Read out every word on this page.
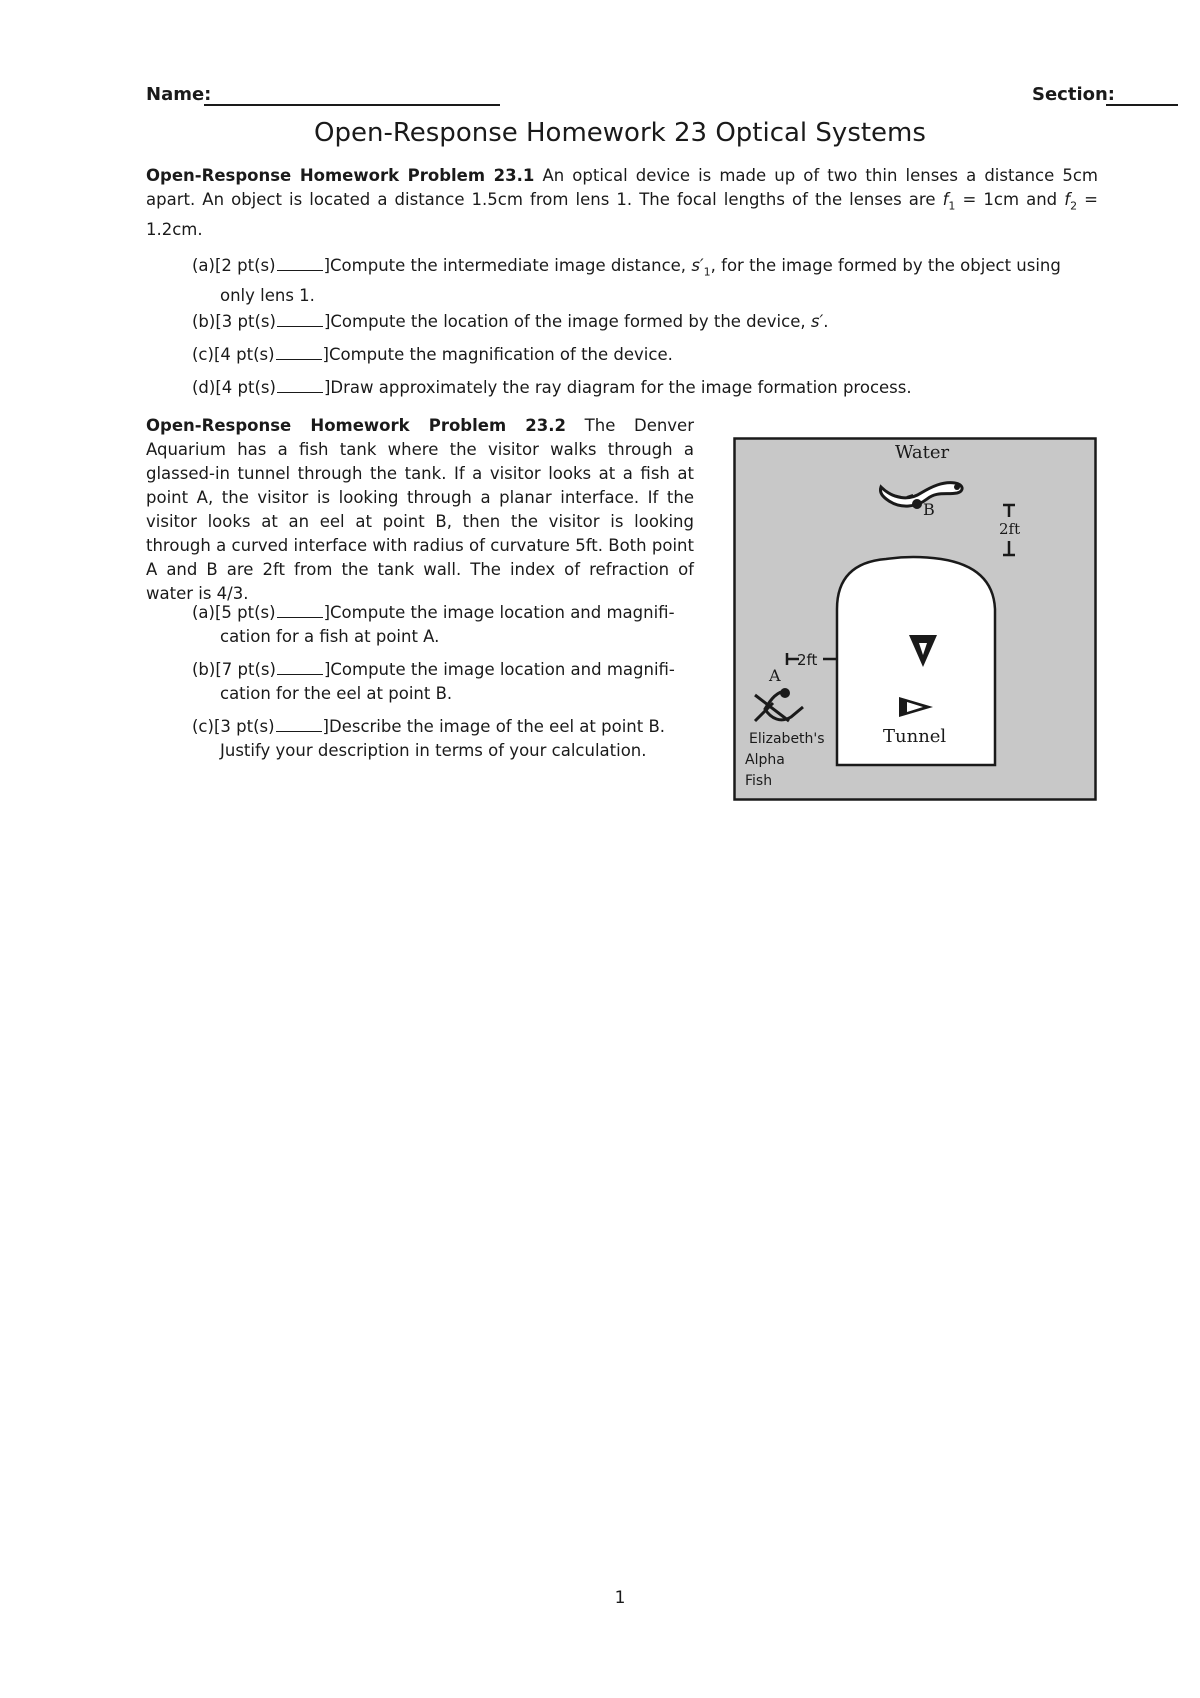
Name:	Section:
Open-Response Homework 23 Optical Systems
Open-Response Homework Problem 23.1 An optical device is made up of two thin lenses a distance 5cm apart. An object is located a distance 1.5cm from lens 1. The focal lengths of the lenses are $f_1 = 1cm$ and $f_2 = 1.2cm$.
(a)[2 pt(s)	]Compute the intermediate image distance, $s'_1$, for the image formed by the object using
only lens 1.
(b)[3 pt(s)	]Compute the location of the image formed by the device, s′.
(c)[4 pt(s)	]Compute the magnification of the device.
(d)[4 pt(s)	]Draw approximately the ray diagram for the image formation process.
Open-Response Homework Problem 23.2 The Denver Aquarium has a fish tank where the visitor walks through a glassed-in tunnel through the tank. If a visitor looks at a fish at point A, the visitor is looking through a planar interface. If the visitor looks at an eel at point B, then the visitor is looking through a curved interface with radius of curvature 5ft. Both point A and B are 2ft from the tank wall. The index of refraction of water is 4/3.
(a)[5 pt(s)	]Compute the image location and magnifi-
cation for a fish at point A.
(b)[7 pt(s)	]Compute the image location and magnifi-
cation for the eel at point B.
(c)[3 pt(s)	]Describe the image of the eel at point B.
Justify your description in terms of your calculation.
Water
B
2ft
Tunnel
2ft
A
Elizabeth's
Alpha
Fish
1
